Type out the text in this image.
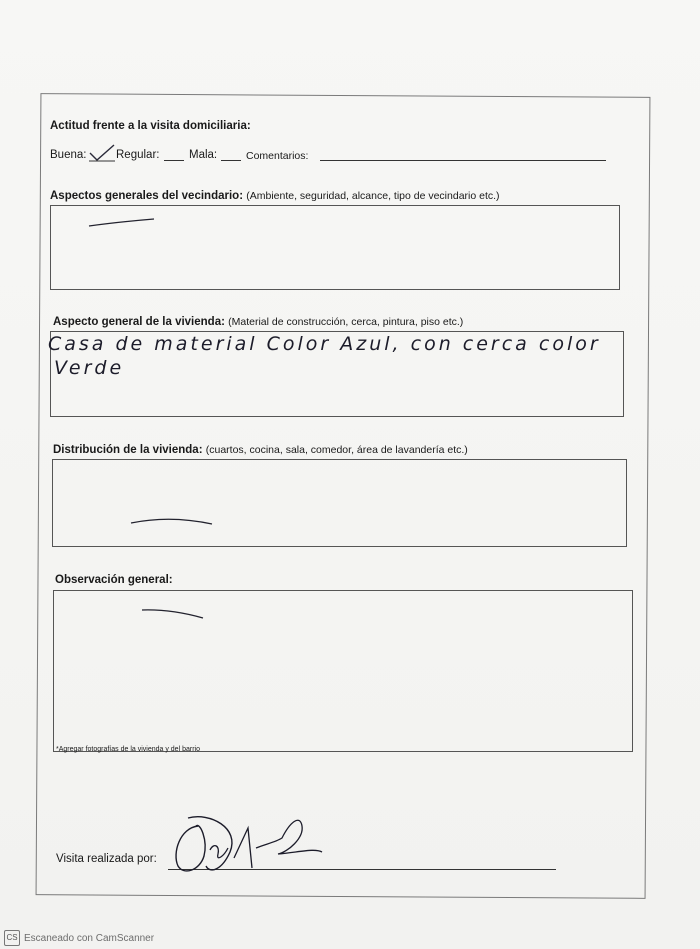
Actitud frente a la visita domiciliaria:
Buena:	Regular:	Mala:	Comentarios:
Aspectos generales del vecindario: (Ambiente, seguridad, alcance, tipo de vecindario etc.)
Aspecto general de la vivienda: (Material de construcción, cerca, pintura, piso etc.)
Casa de material Color Azul, con cerca color
Verde
Distribución de la vivienda: (cuartos, cocina, sala, comedor, área de lavandería etc.)
Observación general:
*Agregar fotografías de la vivienda y del barrio
Visita realizada por:
CS Escaneado con CamScanner
